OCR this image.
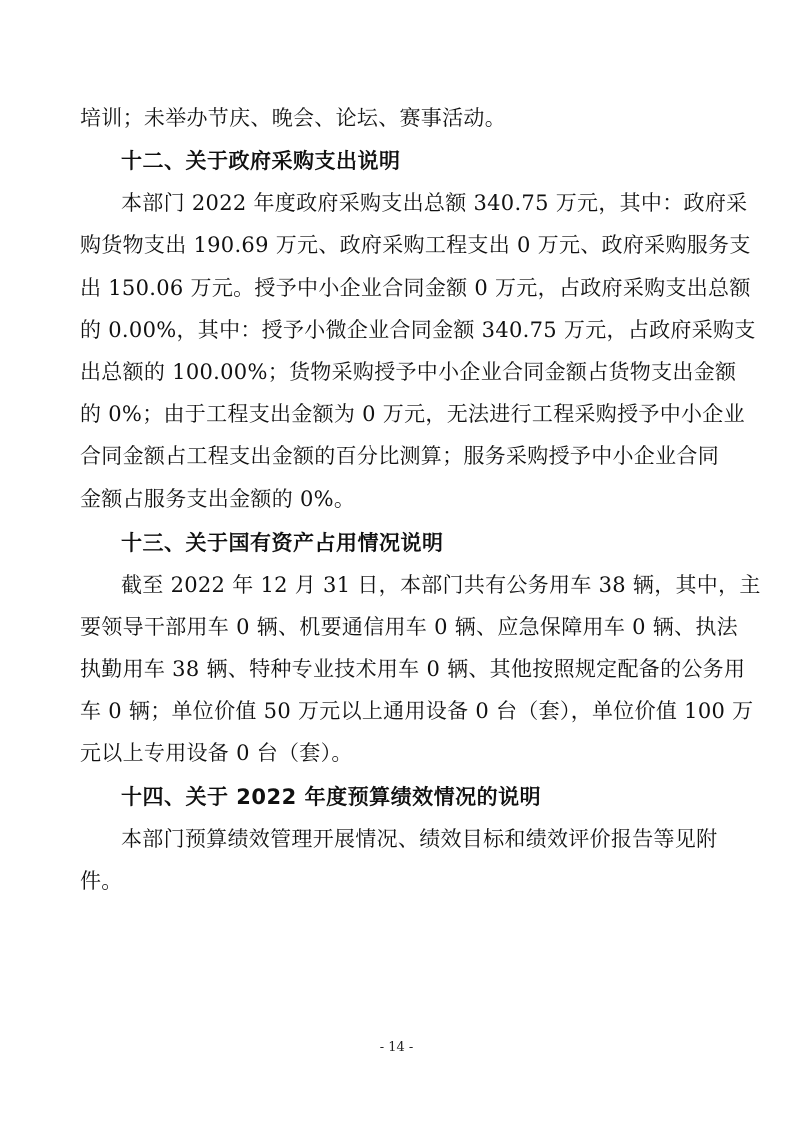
培训；未举办节庆、晚会、论坛、赛事活动。
十二、关于政府采购支出说明
本部门 2022 年度政府采购支出总额 340.75 万元，其中：政府采
购货物支出 190.69 万元、政府采购工程支出 0 万元、政府采购服务支
出 150.06 万元。授予中小企业合同金额 0 万元，占政府采购支出总额
的 0.00%，其中：授予小微企业合同金额 340.75 万元，占政府采购支
出总额的 100.00%；货物采购授予中小企业合同金额占货物支出金额
的 0%；由于工程支出金额为 0 万元，无法进行工程采购授予中小企业
合同金额占工程支出金额的百分比测算；服务采购授予中小企业合同
金额占服务支出金额的 0%。
十三、关于国有资产占用情况说明
截至 2022 年 12 月 31 日，本部门共有公务用车 38 辆，其中，主
要领导干部用车 0 辆、机要通信用车 0 辆、应急保障用车 0 辆、执法
执勤用车 38 辆、特种专业技术用车 0 辆、其他按照规定配备的公务用
车 0 辆；单位价值 50 万元以上通用设备 0 台（套），单位价值 100 万
元以上专用设备 0 台（套）。
十四、关于 2022 年度预算绩效情况的说明
本部门预算绩效管理开展情况、绩效目标和绩效评价报告等见附
件。
- 14 -
